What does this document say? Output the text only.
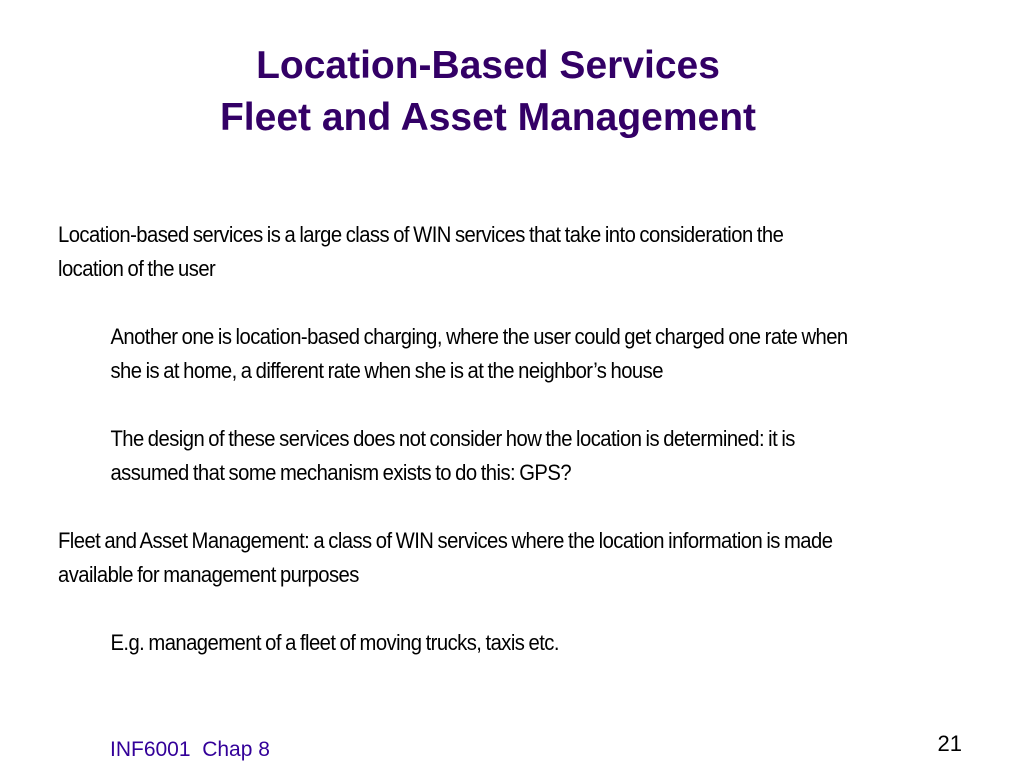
Location-Based Services
Fleet and Asset Management

Location-based services is a large class of WIN services that take into consideration the location of the user

Another one is location-based charging, where the user could get charged one rate when she is at home, a different rate when she is at the neighbor’s house

The design of these services does not consider how the location is determined: it is assumed that some mechanism exists to do this: GPS?

Fleet and Asset Management: a class of WIN services where the location information is made available for management purposes

E.g. management of a fleet of moving trucks, taxis etc.

INF6001  Chap 8	21
